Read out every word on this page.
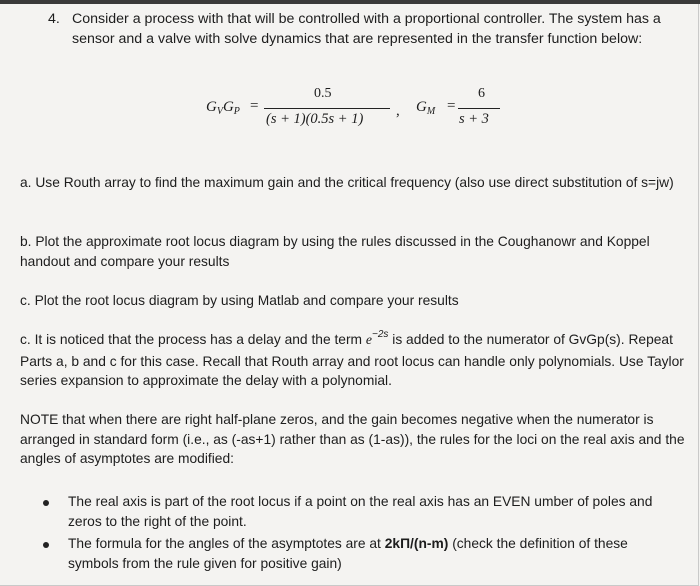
4. Consider a process with that will be controlled with a proportional controller. The system has a sensor and a valve with solve dynamics that are represented in the transfer function below:
$G_VG_P$ =
0.5
(s + 1)(0.5s + 1) , $G_M$ =
6
s + 3
a. Use Routh array to find the maximum gain and the critical frequency (also use direct substitution of s=jw)
b. Plot the approximate root locus diagram by using the rules discussed in the Coughanowr and Koppel handout and compare your results
c. Plot the root locus diagram by using Matlab and compare your results
c. It is noticed that the process has a delay and the term $e^{-2s}$ is added to the numerator of GvGp(s). Repeat Parts a, b and c for this case. Recall that Routh array and root locus can handle only polynomials. Use Taylor series expansion to approximate the delay with a polynomial.
NOTE that when there are right half-plane zeros, and the gain becomes negative when the numerator is arranged in standard form (i.e., as (-as+1) rather than as (1-as)), the rules for the loci on the real axis and the angles of asymptotes are modified:
The real axis is part of the root locus if a point on the real axis has an EVEN umber of poles and zeros to the right of the point.
The formula for the angles of the asymptotes are at 2kΠ/(n-m) (check the definition of these symbols from the rule given for positive gain)
